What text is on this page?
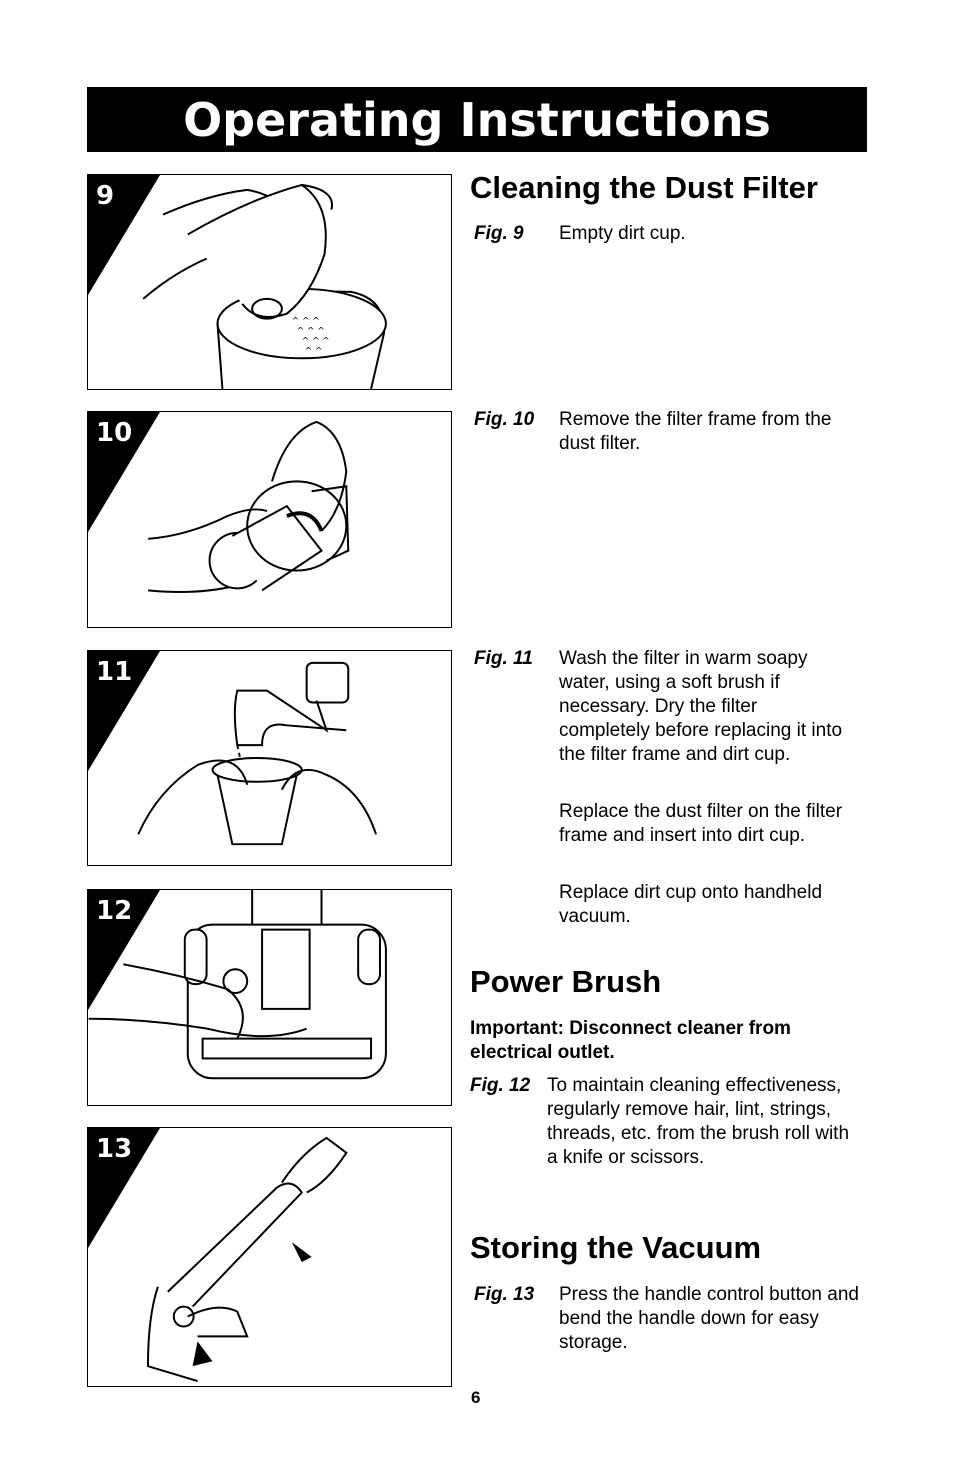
Operating Instructions
^ ^ ^
^ ^ ^
^ ^ ^
^ ^
9
10
11
12
13
Cleaning the Dust Filter
Fig. 9	Empty dirt cup.
Fig. 10	Remove the filter frame from the dust filter.
Fig. 11	Wash the filter in warm soapy water, using a soft brush if necessary. Dry the filter completely before replacing it into the filter frame and dirt cup.
Replace the dust filter on the filter frame and insert into dirt cup.
Replace dirt cup onto handheld vacuum.
Power Brush
Important: Disconnect cleaner from electrical outlet.
Fig. 12 To maintain cleaning effectiveness, regularly remove hair, lint, strings, threads, etc. from the brush roll with a knife or scissors.
Storing the Vacuum
Fig. 13	Press the handle control button and bend the handle down for easy storage.
6
